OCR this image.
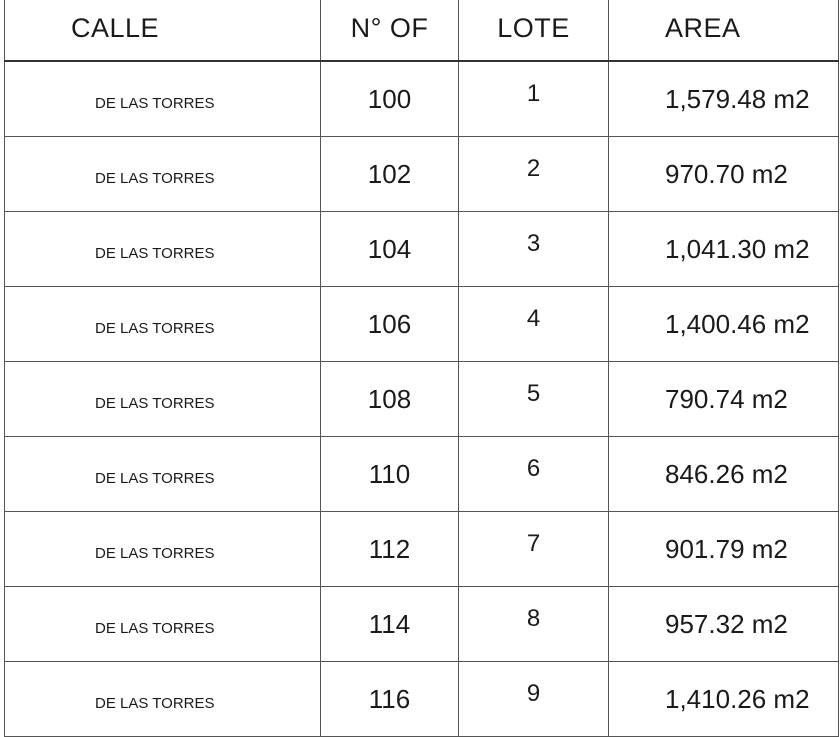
CALLE	N° OF	LOTE	AREA
DE LAS TORRES	100	1	1,579.48 m2
DE LAS TORRES	102	2	970.70 m2
DE LAS TORRES	104	3	1,041.30 m2
DE LAS TORRES	106	4	1,400.46 m2
DE LAS TORRES	108	5	790.74 m2
DE LAS TORRES	110	6	846.26 m2
DE LAS TORRES	112	7	901.79 m2
DE LAS TORRES	114	8	957.32 m2
DE LAS TORRES	116	9	1,410.26 m2
